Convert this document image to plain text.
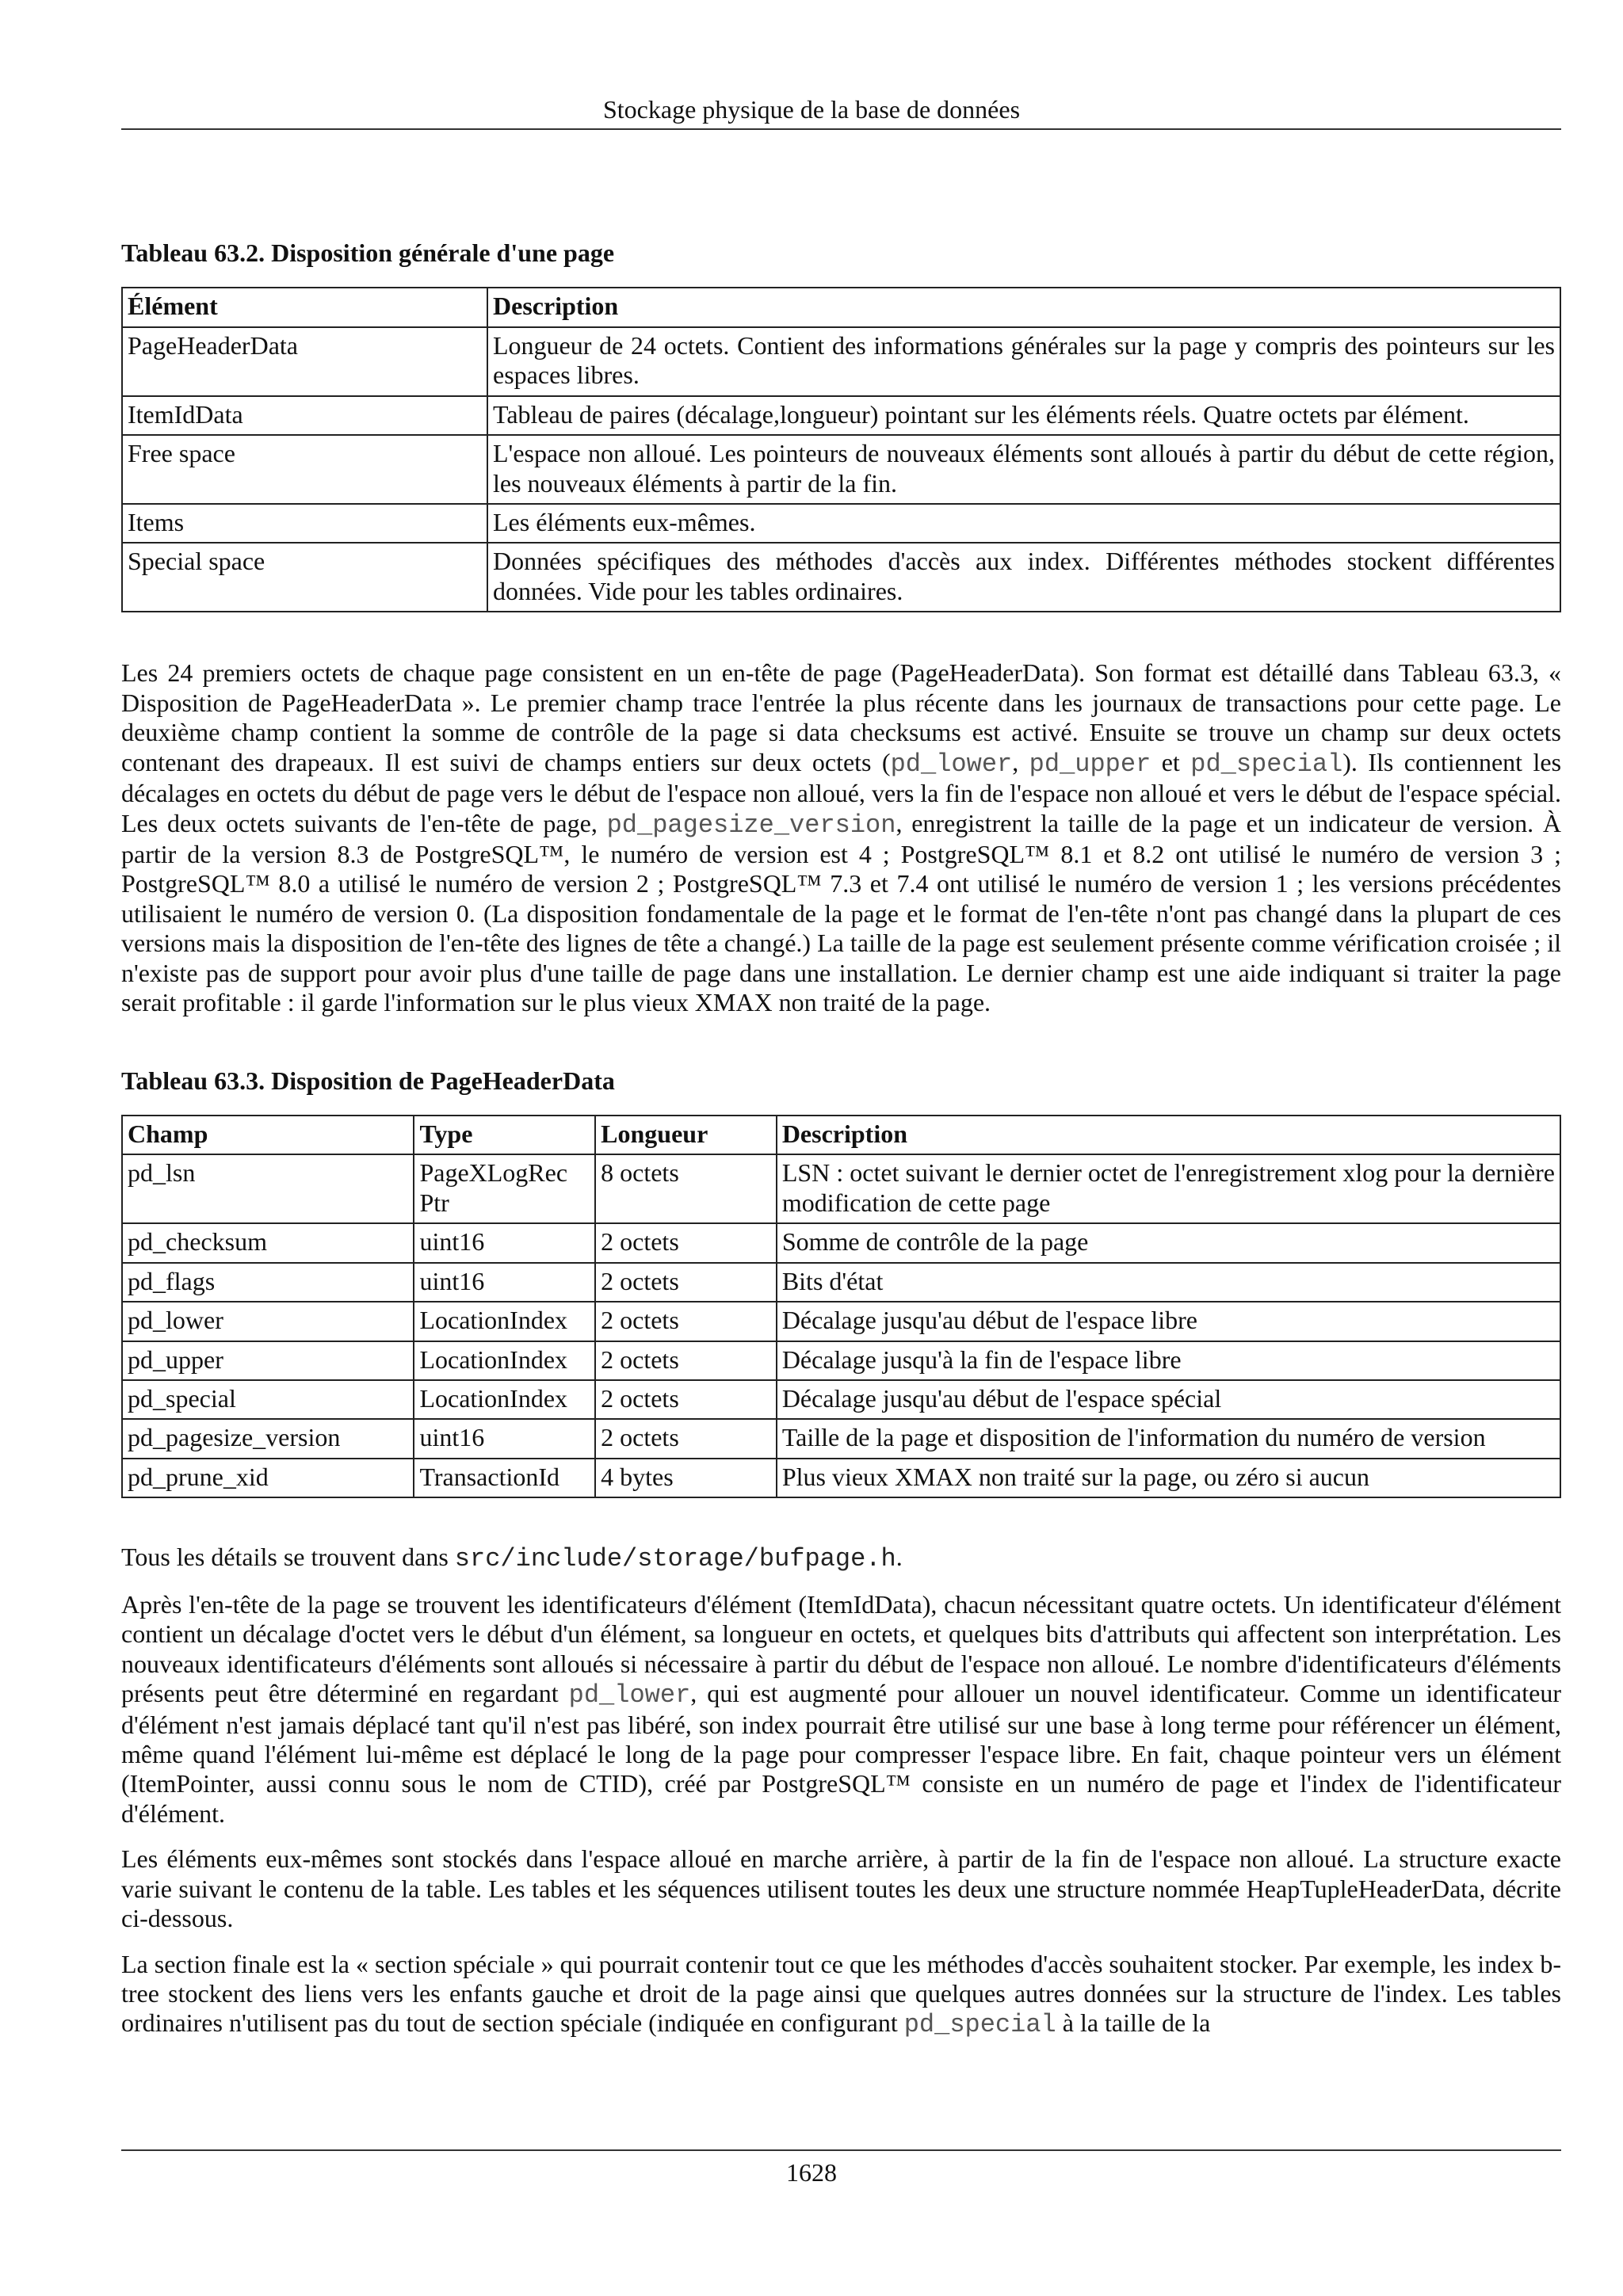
Stockage physique de la base de données
Tableau 63.2. Disposition générale d'une page
Élément	Description
PageHeaderData	Longueur de 24 octets. Contient des informations générales sur la page y compris des pointeurs sur les espaces libres.
ItemIdData	Tableau de paires (décalage,longueur) pointant sur les éléments réels. Quatre octets par élément.
Free space	L'espace non alloué. Les pointeurs de nouveaux éléments sont alloués à partir du début de cette région, les nouveaux éléments à partir de la fin.
Items	Les éléments eux-mêmes.
Special space	Données spécifiques des méthodes d'accès aux index. Différentes méthodes stockent différentes données. Vide pour les tables ordinaires.

Les 24 premiers octets de chaque page consistent en un en-tête de page (PageHeaderData). Son format est détaillé dans Tableau 63.3, « Disposition de PageHeaderData ». Le premier champ trace l'entrée la plus récente dans les journaux de transactions pour cette page. Le deuxième champ contient la somme de contrôle de la page si data checksums est activé. Ensuite se trouve un champ sur deux octets contenant des drapeaux. Il est suivi de champs entiers sur deux octets (pd_lower, pd_upper et pd_special). Ils contiennent les décalages en octets du début de page vers le début de l'espace non alloué, vers la fin de l'espace non alloué et vers le début de l'espace spécial. Les deux octets suivants de l'en-tête de page, pd_pagesize_version, enregistrent la taille de la page et un indicateur de version. À partir de la version 8.3 de PostgreSQL™, le numéro de version est 4 ; PostgreSQL™ 8.1 et 8.2 ont utilisé le numéro de version 3 ; PostgreSQL™ 8.0 a utilisé le numéro de version 2 ; PostgreSQL™ 7.3 et 7.4 ont utilisé le numéro de version 1 ; les versions précédentes utilisaient le numéro de version 0. (La disposition fondamentale de la page et le format de l'en-tête n'ont pas changé dans la plupart de ces versions mais la disposition de l'en-tête des lignes de tête a changé.) La taille de la page est seulement présente comme vérification croisée ; il n'existe pas de support pour avoir plus d'une taille de page dans une installation. Le dernier champ est une aide indiquant si traiter la page serait profitable : il garde l'information sur le plus vieux XMAX non traité de la page.

Tableau 63.3. Disposition de PageHeaderData
Champ	Type	Longueur	Description
pd_lsn	PageXLogRecPtr	8 octets	LSN : octet suivant le dernier octet de l'enregistrement xlog pour la dernière modification de cette page
pd_checksum	uint16	2 octets	Somme de contrôle de la page
pd_flags	uint16	2 octets	Bits d'état
pd_lower	LocationIndex	2 octets	Décalage jusqu'au début de l'espace libre
pd_upper	LocationIndex	2 octets	Décalage jusqu'à la fin de l'espace libre
pd_special	LocationIndex	2 octets	Décalage jusqu'au début de l'espace spécial
pd_pagesize_version	uint16	2 octets	Taille de la page et disposition de l'information du numéro de version
pd_prune_xid	TransactionId	4 bytes	Plus vieux XMAX non traité sur la page, ou zéro si aucun

Tous les détails se trouvent dans src/include/storage/bufpage.h.

Après l'en-tête de la page se trouvent les identificateurs d'élément (ItemIdData), chacun nécessitant quatre octets. Un identificateur d'élément contient un décalage d'octet vers le début d'un élément, sa longueur en octets, et quelques bits d'attributs qui affectent son interprétation. Les nouveaux identificateurs d'éléments sont alloués si nécessaire à partir du début de l'espace non alloué. Le nombre d'identificateurs d'éléments présents peut être déterminé en regardant pd_lower, qui est augmenté pour allouer un nouvel identificateur. Comme un identificateur d'élément n'est jamais déplacé tant qu'il n'est pas libéré, son index pourrait être utilisé sur une base à long terme pour référencer un élément, même quand l'élément lui-même est déplacé le long de la page pour compresser l'espace libre. En fait, chaque pointeur vers un élément (ItemPointer, aussi connu sous le nom de CTID), créé par PostgreSQL™ consiste en un numéro de page et l'index de l'identificateur d'élément.

Les éléments eux-mêmes sont stockés dans l'espace alloué en marche arrière, à partir de la fin de l'espace non alloué. La structure exacte varie suivant le contenu de la table. Les tables et les séquences utilisent toutes les deux une structure nommée HeapTupleHeaderData, décrite ci-dessous.

La section finale est la « section spéciale » qui pourrait contenir tout ce que les méthodes d'accès souhaitent stocker. Par exemple, les index b-tree stockent des liens vers les enfants gauche et droit de la page ainsi que quelques autres données sur la structure de l'index. Les tables ordinaires n'utilisent pas du tout de section spéciale (indiquée en configurant pd_special à la taille de la

1628
